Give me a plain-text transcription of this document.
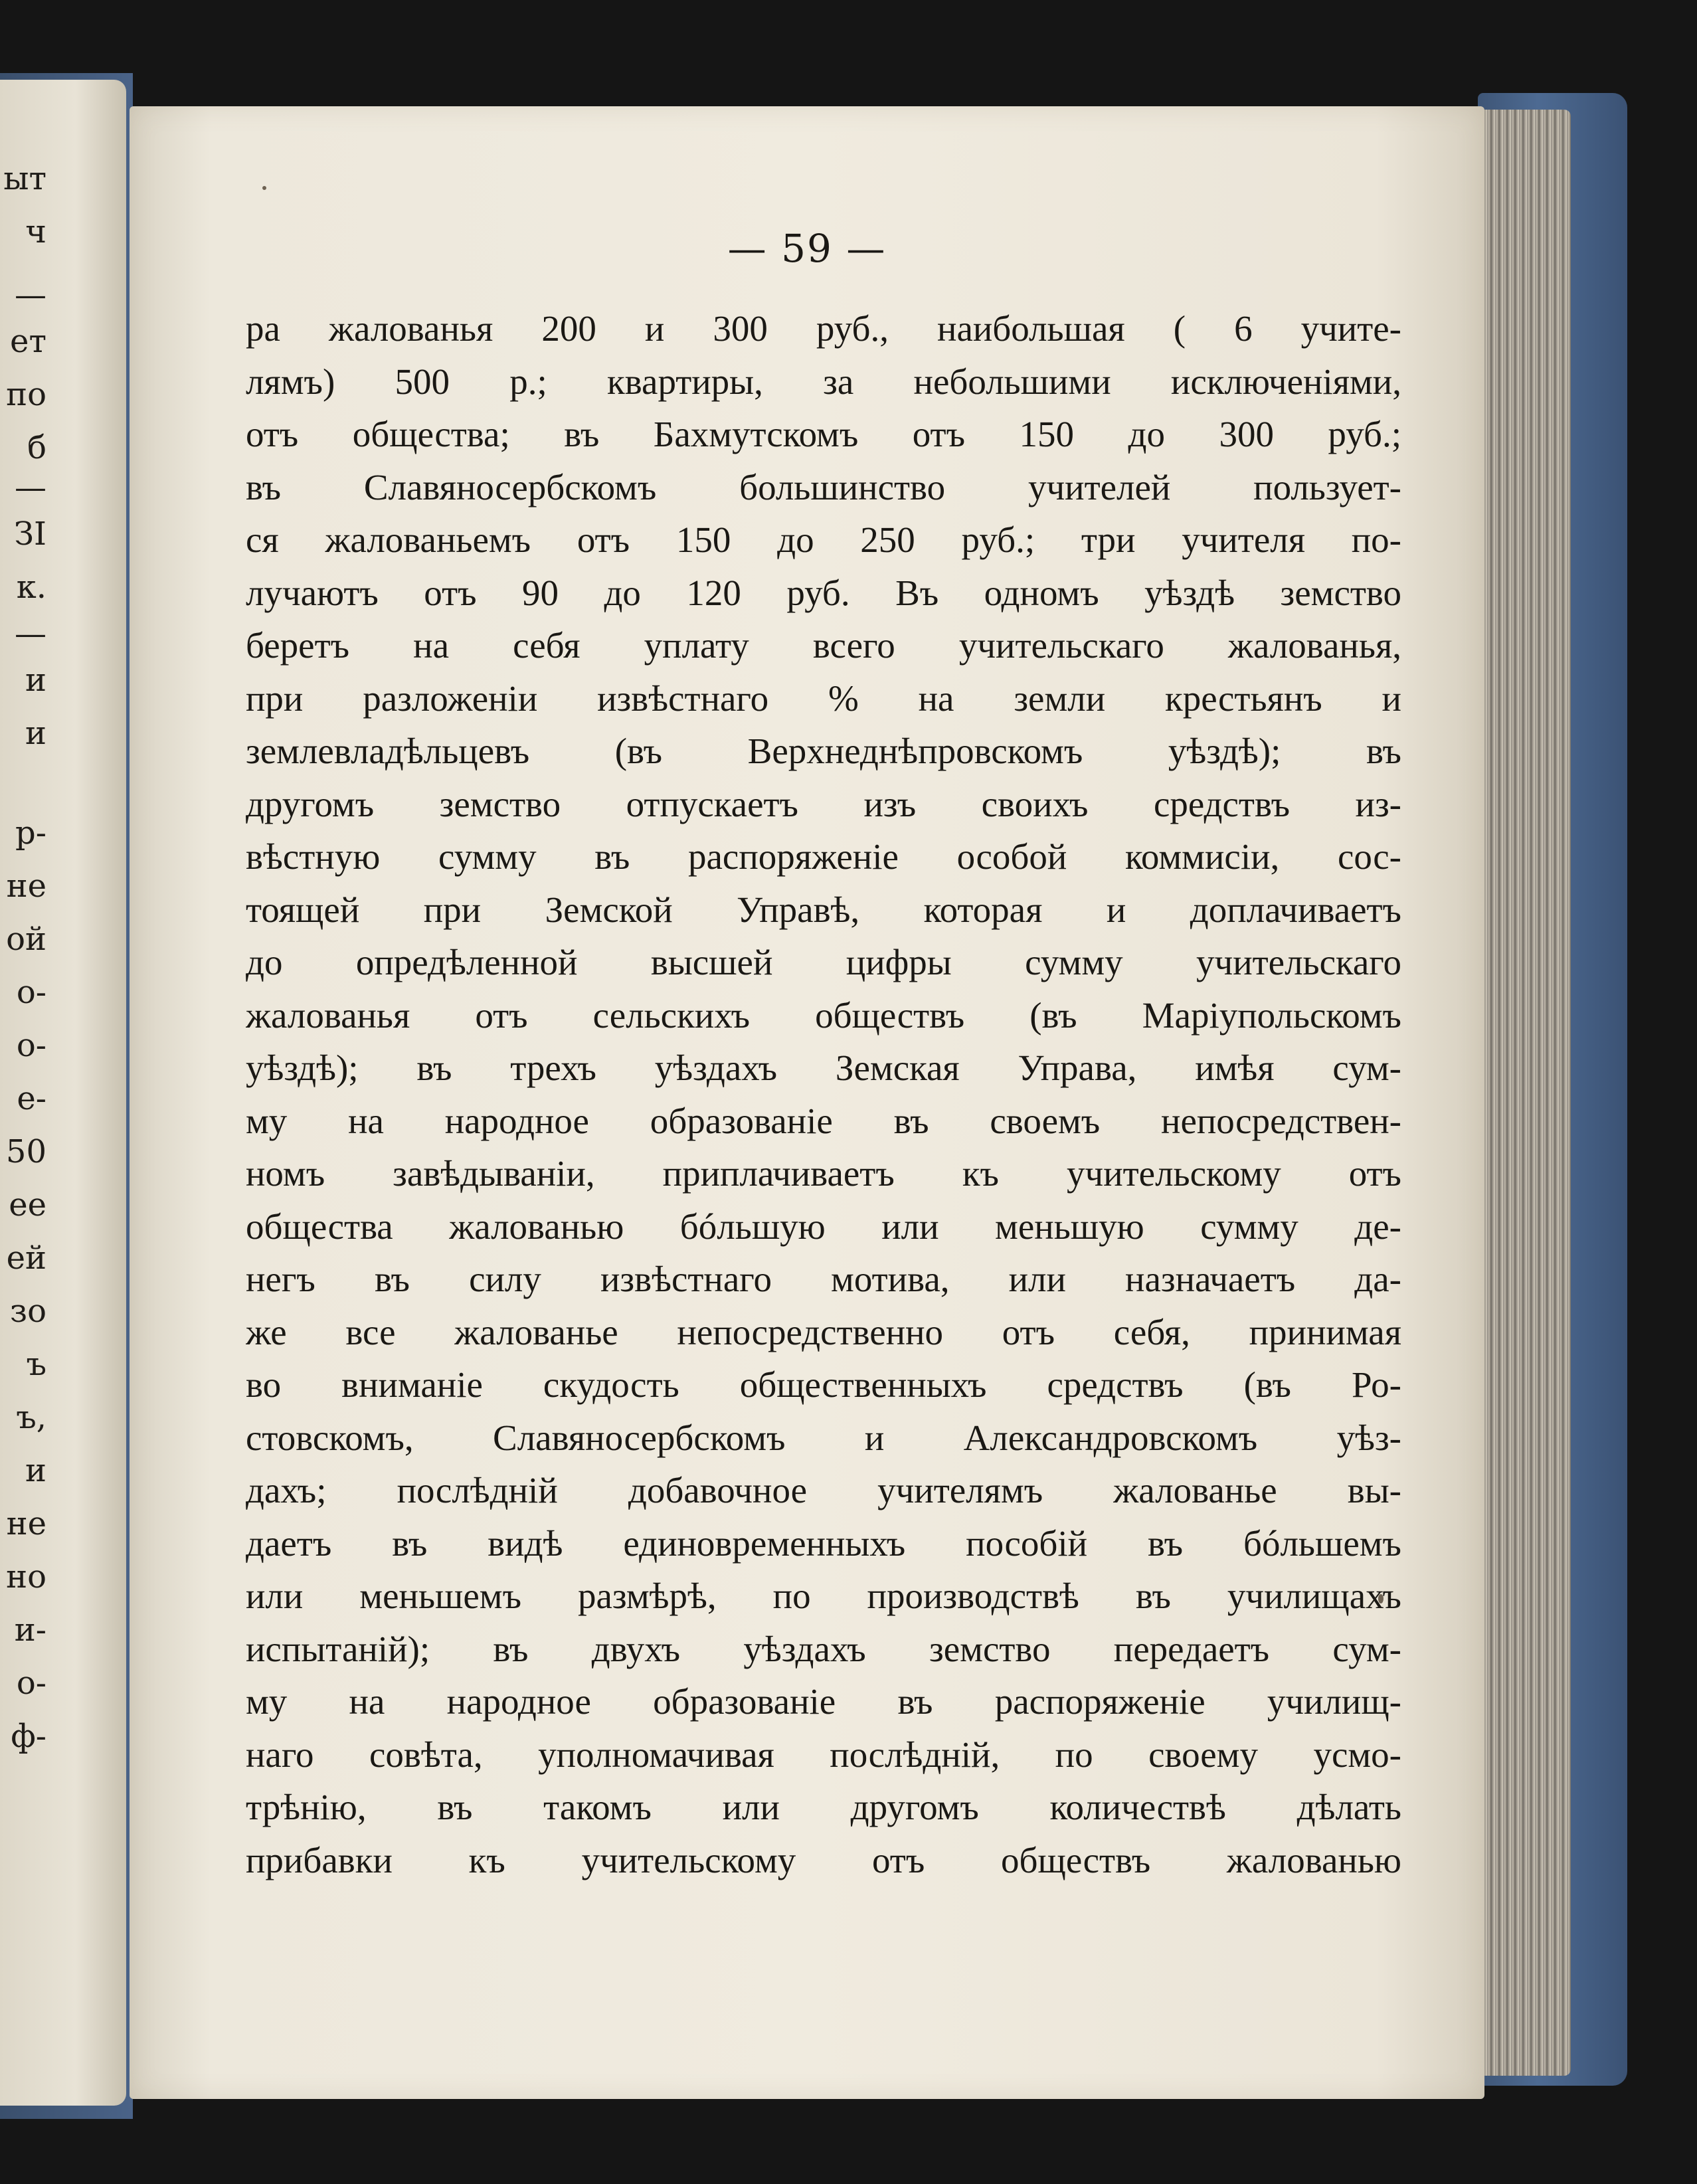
ыт
ч
—
ет
по
б
—
ЗI
к.
—
и
и
р-
не
ой
о-
о-
е-
50
ее
ей
зо
ъ
ъ,
и
не
но
и-
о-
ф-
— 59 —
ра жалованья 200 и 300 руб., наибольшая ( 6 учите-
лямъ) 500 р.; квартиры, за небольшими исключеніями,
отъ общества; въ Бахмутскомъ отъ 150 до 300 руб.;
въ Славяносербскомъ большинство учителей пользует-
ся жалованьемъ отъ 150 до 250 руб.; три учителя по-
лучаютъ отъ 90 до 120 руб. Въ одномъ уѣздѣ земство
беретъ на себя уплату всего учительскаго жалованья,
при разложеніи извѣстнаго % на земли крестьянъ и
землевладѣльцевъ (въ Верхнеднѣпровскомъ уѣздѣ); въ
другомъ земство отпускаетъ изъ своихъ средствъ из-
вѣстную сумму въ распоряженіе особой коммисіи, сос-
тоящей при Земской Управѣ, которая и доплачиваетъ
до опредѣленной высшей цифры сумму учительскаго
жалованья отъ сельскихъ обществъ (въ Маріупольскомъ
уѣздѣ); въ трехъ уѣздахъ Земская Управа, имѣя сум-
му на народное образованіе въ своемъ непосредствен-
номъ завѣдываніи, приплачиваетъ къ учительскому отъ
общества жалованью бóльшую или меньшую сумму де-
негъ въ силу извѣстнаго мотива, или назначаетъ да-
же все жалованье непосредственно отъ себя, принимая
во вниманіе скудость общественныхъ средствъ (въ Ро-
стовскомъ, Славяносербскомъ и Александровскомъ уѣз-
дахъ; послѣдній добавочное учителямъ жалованье вы-
даетъ въ видѣ единовременныхъ пособій въ бóльшемъ
или меньшемъ размѣрѣ, по производствѣ въ училищахъ
испытаній); въ двухъ уѣздахъ земство передаетъ сум-
му на народное образованіе въ распоряженіе училищ-
наго совѣта, уполномачивая послѣдній, по своему усмо-
трѣнію, въ такомъ или другомъ количествѣ дѣлать
прибавки къ учительскому отъ обществъ жалованью
